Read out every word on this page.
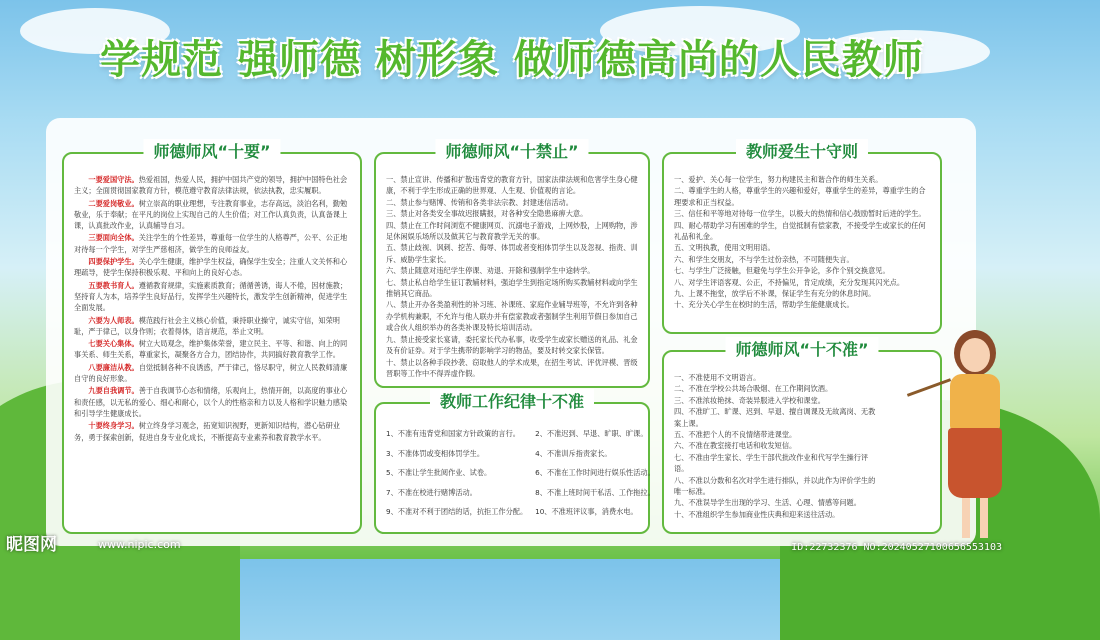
学规范 强师德 树形象 做师德高尚的人民教师
师德师风“十要”

一要爱国守法。热爱祖国，热爱人民，拥护中国共产党的领导，拥护中国特色社会主义；全面贯彻国家教育方针，模范遵守教育法律法规，依法执教，忠实履职。

二要爱岗敬业。树立崇高的职业理想，专注教育事业，志存高远，淡泊名利，勤勉敬业，乐于奉献；在平凡的岗位上实现自己的人生价值；对工作认真负责，认真备课上课，认真批改作业，认真辅导自习。

三要面向全体。关注学生的个性差异，尊重每一位学生的人格尊严，公平、公正地对待每一个学生，对学生严慈相济，做学生的良师益友。

四要保护学生。关心学生健康，维护学生权益，确保学生安全；注重人文关怀和心理疏导，使学生保持积极乐观、平和向上的良好心态。

五要教书育人。遵循教育规律，实施素质教育；循循善诱，诲人不倦，因材施教；坚持育人为本，培养学生良好品行，发挥学生兴趣特长，激发学生创新精神，促进学生全面发展。

六要为人师表。模范践行社会主义核心价值，秉持职业操守，诚实守信，知荣明耻，严于律己，以身作则；衣着得体，语言规范，举止文明。

七要关心集体。树立大局观念，维护集体荣誉，建立民主、平等、和谐、向上的同事关系、师生关系，尊重家长，凝聚各方合力，团结协作，共同搞好教育教学工作。

八要廉洁从教。自觉抵制各种不良诱惑，严于律己，恪尽职守，树立人民教师清廉自守的良好形象。

九要自我调节。善于自我调节心态和情绪，乐观向上，热情开朗，以高度的事业心和责任感，以无私的爱心、细心和耐心，以个人的性格亲和力以及人格和学识魅力感染和引导学生健康成长。

十要终身学习。树立终身学习观念，拓宽知识视野，更新知识结构，潜心钻研业务，勇于探索创新，促进自身专业化成长，不断提高专业素养和教育教学水平。

师德师风“十禁止”
一、禁止宣讲、传播和扩散违背党的教育方针，国家法律法规和危害学生身心健康，不利于学生形成正确的世界观、人生观、价值观的言论。
二、禁止参与赌博、传销和各类非法宗教、封建迷信活动。
三、禁止对各类安全事故迟报瞒报，对各种安全隐患麻痹大意。
四、禁止在工作时间浏览不健康网页、沉溺电子游戏，上网炒股，上网购物，涉足休闲娱乐场所以及做其它与教育教学无关的事。
五、禁止歧视、讽刺、挖苦、侮辱、体罚或者变相体罚学生以及忽视、指责、训斥、威胁学生家长。
六、禁止随意对违纪学生停课、劝退、开除和强制学生中途转学。
七、禁止私自给学生征订教辅材料，强迫学生到指定场所购买教辅材料或向学生推销其它商品。
八、禁止开办各类盈利性的补习班、补课班、家庭作业辅导班等，不允许到各种办学机构兼职，不允许与他人联办并有偿家教或者强制学生利用节假日参加自己或合伙人组织举办的各类补课及特长培训活动。
九、禁止接受家长宴请，委托家长代办私事，收受学生或家长赠送的礼品、礼金及有价证券。对于学生携带的影响学习的物品，要及时转交家长保管。
十、禁止以各种手段抄袭、窃取他人的学术成果，在招生考试、评优评模、晋级晋职等工作中不得弄虚作假。
教师工作纪律十不准
1、不准有违背党和国家方针政策的言行。	2、不准迟到、早退、旷职、旷课。
3、不准体罚或变相体罚学生。	4、不准训斥指责家长。
5、不准让学生批阅作业、试卷。	6、不准在工作时间进行娱乐性活动。
7、不准在校进行赌博活动。	8、不准上班时间干私活、工作拖拉。
9、不准对不利于团结的话，抗拒工作分配。 10、不准班评议事，消费水电。
教师爱生十守则
一、爱护、关心每一位学生，努力构建民主和谐合作的师生关系。
二、尊重学生的人格，尊重学生的兴趣和爱好，尊重学生的差异，尊重学生的合理要求和正当权益。
三、信任和平等地对待每一位学生，以极大的热情和信心鼓励暂时后进的学生。
四、耐心帮助学习有困难的学生，自觉抵制有偿家教，不接受学生或家长的任何礼品和礼金。
五、文明执教，使用文明用语。
六、和学生交朋友，不与学生过份亲热，不可随便失言。
七、与学生广泛接触，但避免与学生公开争论，多作个别交换意见。
八、对学生评语客观、公正，不持偏见，肯定成绩，充分发现其闪光点。
九、上课不拖堂，放学后不补课，保证学生有充分的休息时间。
十、充分关心学生在校时的生活，帮助学生能健康成长。
师德师风“十不准”
一、不准使用不文明语言。
二、不准在学校公共场合吸烟、在工作期间饮酒。
三、不准浓妆艳抹、奇装异服进入学校和课堂。
四、不准旷工、旷课、迟到、早退、擅自调课及无故离岗、无教案上课。
五、不准把个人的不良情绪带进课堂。
六、不准在教室接打电话和收发短信。
七、不准由学生家长、学生干部代批改作业和代写学生操行评语。
八、不准以分数和名次对学生进行排队，并以此作为评价学生的唯一标准。
九、不准误导学生出现的学习、生活、心理、情感等问题。
十、不准组织学生参加商业性庆典和迎来送往活动。
昵图网	www.nipic.com	ID:22732376 NO:20240527100656553103
